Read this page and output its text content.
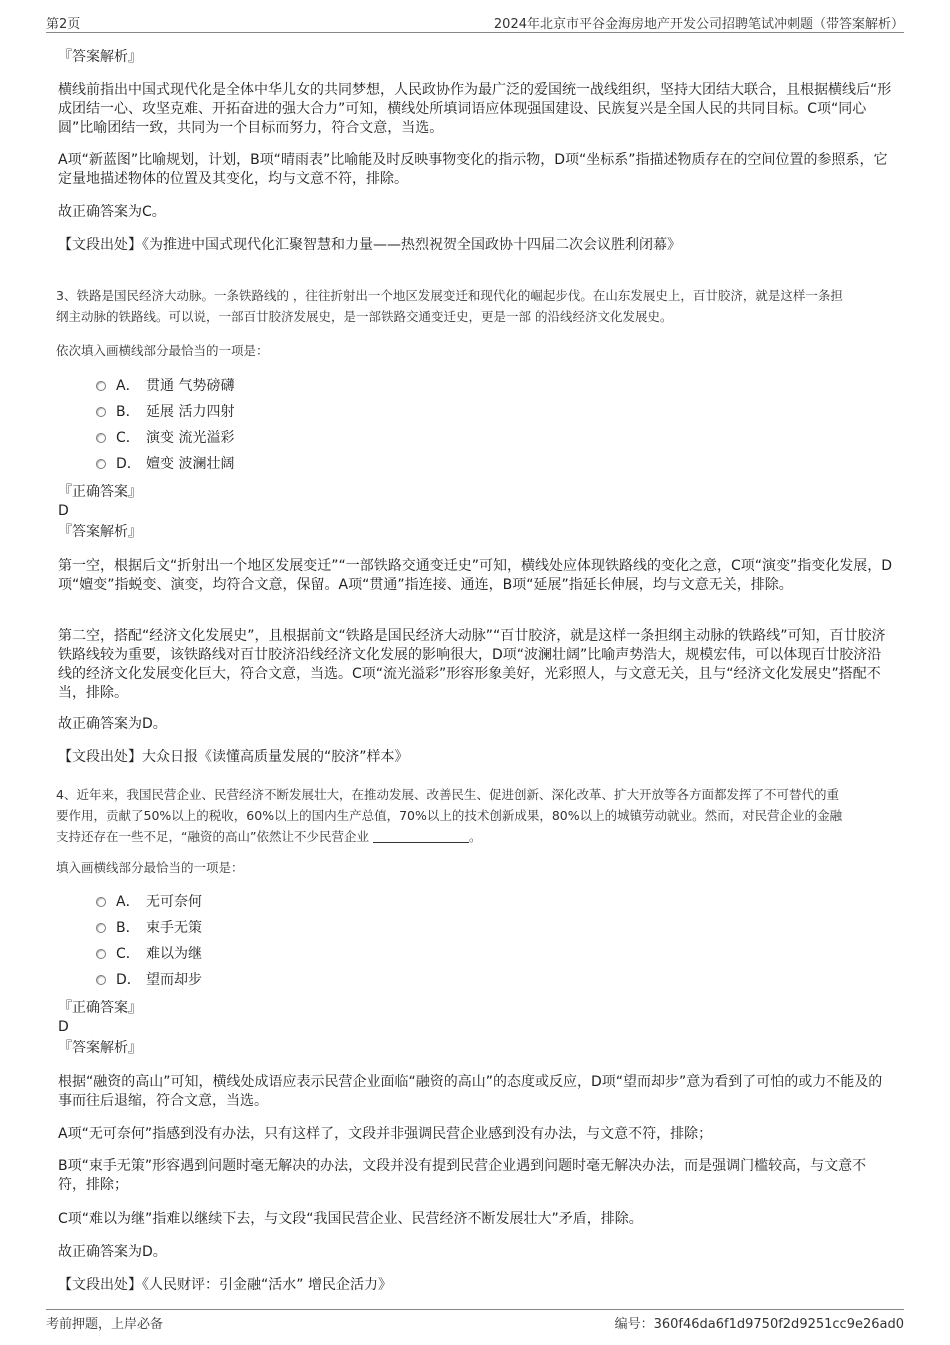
第2页	2024年北京市平谷金海房地产开发公司招聘笔试冲刺题（带答案解析）
『答案解析』
横线前指出中国式现代化是全体中华儿女的共同梦想，人民政协作为最广泛的爱国统一战线组织，坚持大团结大联合，且根据横线后“形成团结一心、攻坚克难、开拓奋进的强大合力”可知，横线处所填词语应体现强国建设、民族复兴是全国人民的共同目标。C项“同心圆”比喻团结一致，共同为一个目标而努力，符合文意，当选。
A项“新蓝图”比喻规划，计划，B项“晴雨表”比喻能及时反映事物变化的指示物，D项“坐标系”指描述物质存在的空间位置的参照系，它定量地描述物体的位置及其变化，均与文意不符，排除。
故正确答案为C。
【文段出处】《为推进中国式现代化汇聚智慧和力量——热烈祝贺全国政协十四届二次会议胜利闭幕》
3、铁路是国民经济大动脉。一条铁路线的 ，往往折射出一个地区发展变迁和现代化的崛起步伐。在山东发展史上，百廿胶济，就是这样一条担
纲主动脉的铁路线。可以说，一部百廿胶济发展史，是一部铁路交通变迁史，更是一部 的沿线经济文化发展史。
依次填入画横线部分最恰当的一项是：
A． 贯通 气势磅礴
B． 延展 活力四射
C． 演变 流光溢彩
D． 嬗变 波澜壮阔
『正确答案』
D
『答案解析』
第一空，根据后文“折射出一个地区发展变迁”“一部铁路交通变迁史”可知，横线处应体现铁路线的变化之意，C项“演变”指变化发展，D项“嬗变”指蜕变、演变，均符合文意，保留。A项“贯通”指连接、通连，B项“延展”指延长伸展，均与文意无关，排除。
第二空，搭配“经济文化发展史”，且根据前文“铁路是国民经济大动脉”“百廿胶济，就是这样一条担纲主动脉的铁路线”可知，百廿胶济铁路线较为重要，该铁路线对百廿胶济沿线经济文化发展的影响很大，D项“波澜壮阔”比喻声势浩大，规模宏伟，可以体现百廿胶济沿线的经济文化发展变化巨大，符合文意，当选。C项“流光溢彩”形容形象美好，光彩照人，与文意无关，且与“经济文化发展史”搭配不当，排除。
故正确答案为D。
【文段出处】大众日报《读懂高质量发展的“胶济”样本》
4、近年来，我国民营企业、民营经济不断发展壮大，在推动发展、改善民生、促进创新、深化改革、扩大开放等各方面都发挥了不可替代的重
要作用，贡献了50%以上的税收，60%以上的国内生产总值，70%以上的技术创新成果，80%以上的城镇劳动就业。然而，对民营企业的金融
支持还存在一些不足，“融资的高山”依然让不少民营企业	。
填入画横线部分最恰当的一项是：
A． 无可奈何
B． 束手无策
C． 难以为继
D． 望而却步
『正确答案』
D
『答案解析』
根据“融资的高山”可知，横线处成语应表示民营企业面临“融资的高山”的态度或反应，D项“望而却步”意为看到了可怕的或力不能及的事而往后退缩，符合文意，当选。
A项“无可奈何”指感到没有办法，只有这样了，文段并非强调民营企业感到没有办法，与文意不符，排除；
B项“束手无策”形容遇到问题时毫无解决的办法，文段并没有提到民营企业遇到问题时毫无解决办法，而是强调门槛较高，与文意不符，排除；
C项“难以为继”指难以继续下去，与文段“我国民营企业、民营经济不断发展壮大”矛盾，排除。
故正确答案为D。
【文段出处】《人民财评：引金融“活水” 增民企活力》
考前押题，上岸必备	编号：360f46da6f1d9750f2d9251cc9e26ad0
